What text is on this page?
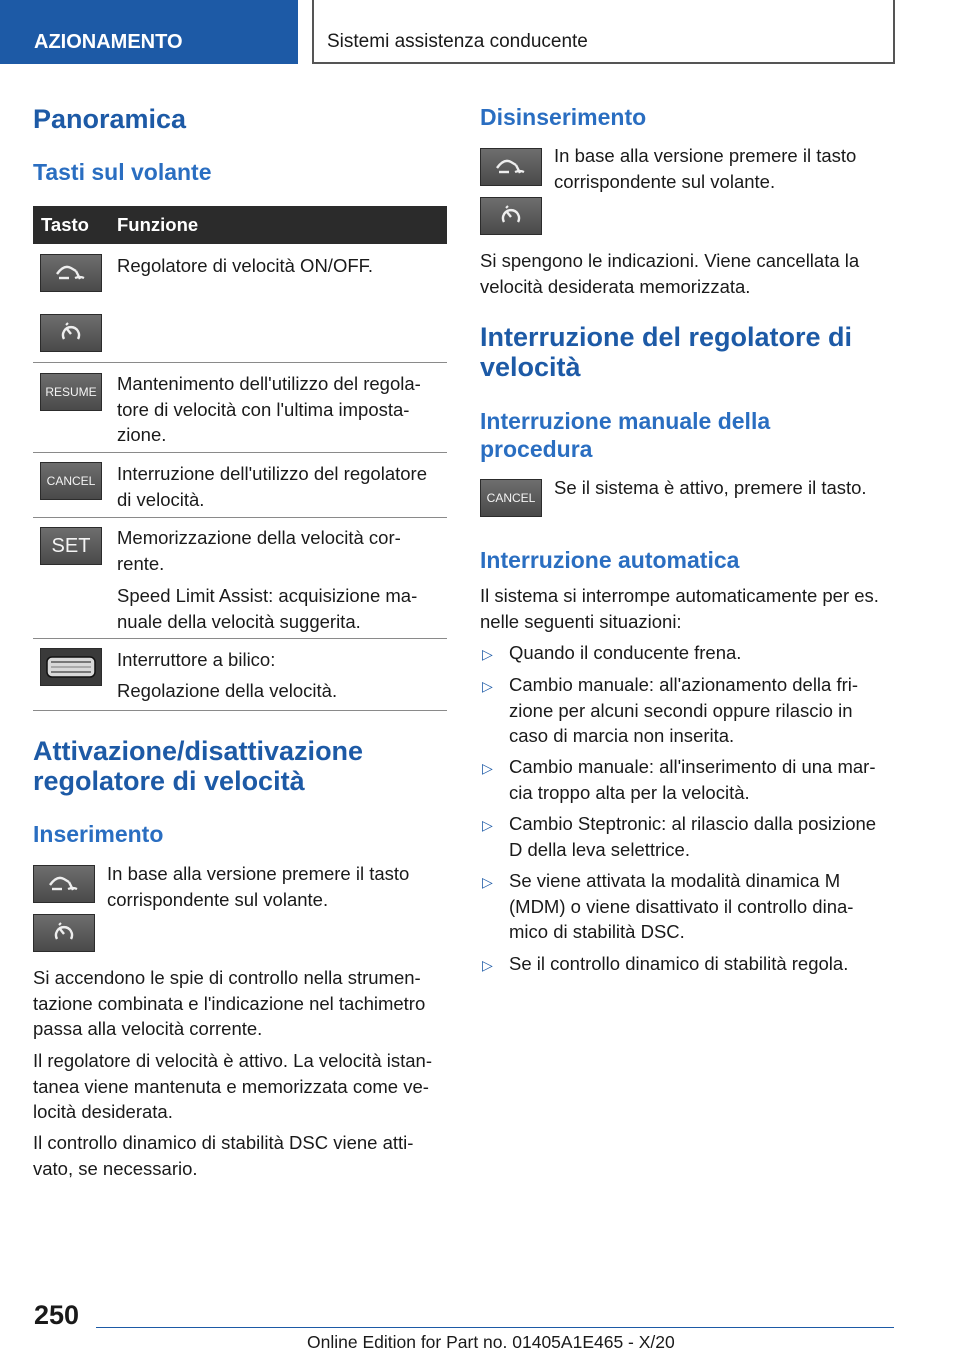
AZIONAMENTO	Sistemi assistenza conducente
Panoramica
Tasti sul volante
Tasto Funzione
Regolatore di velocità ON/OFF.
RESUME Mantenimento dell'utilizzo del regola-
tore di velocità con l'ultima imposta-
zione.
CANCEL Interruzione dell'utilizzo del regolatore
di velocità.
SET Memorizzazione della velocità cor-
rente.
Speed Limit Assist: acquisizione ma-
nuale della velocità suggerita.
Interruttore a bilico:
Regolazione della velocità.
Attivazione/disattivazione
regolatore di velocità
Inserimento
In base alla versione premere il tasto
corrispondente sul volante.
Si accendono le spie di controllo nella strumen-
tazione combinata e l'indicazione nel tachimetro
passa alla velocità corrente.
Il regolatore di velocità è attivo. La velocità istan-
tanea viene mantenuta e memorizzata come ve-
locità desiderata.
Il controllo dinamico di stabilità DSC viene atti-
vato, se necessario.
Disinserimento
In base alla versione premere il tasto
corrispondente sul volante.
Si spengono le indicazioni. Viene cancellata la
velocità desiderata memorizzata.
Interruzione del regolatore di
velocità
Interruzione manuale della
procedura
CANCEL Se il sistema è attivo, premere il tasto.
Interruzione automatica
Il sistema si interrompe automaticamente per es.
nelle seguenti situazioni:
▷ Quando il conducente frena.
▷ Cambio manuale: all'azionamento della fri-
zione per alcuni secondi oppure rilascio in
caso di marcia non inserita.
▷ Cambio manuale: all'inserimento di una mar-
cia troppo alta per la velocità.
▷ Cambio Steptronic: al rilascio dalla posizione
D della leva selettrice.
▷ Se viene attivata la modalità dinamica M
(MDM) o viene disattivato il controllo dina-
mico di stabilità DSC.
▷ Se il controllo dinamico di stabilità regola.
250
Online Edition for Part no. 01405A1E465 - X/20
